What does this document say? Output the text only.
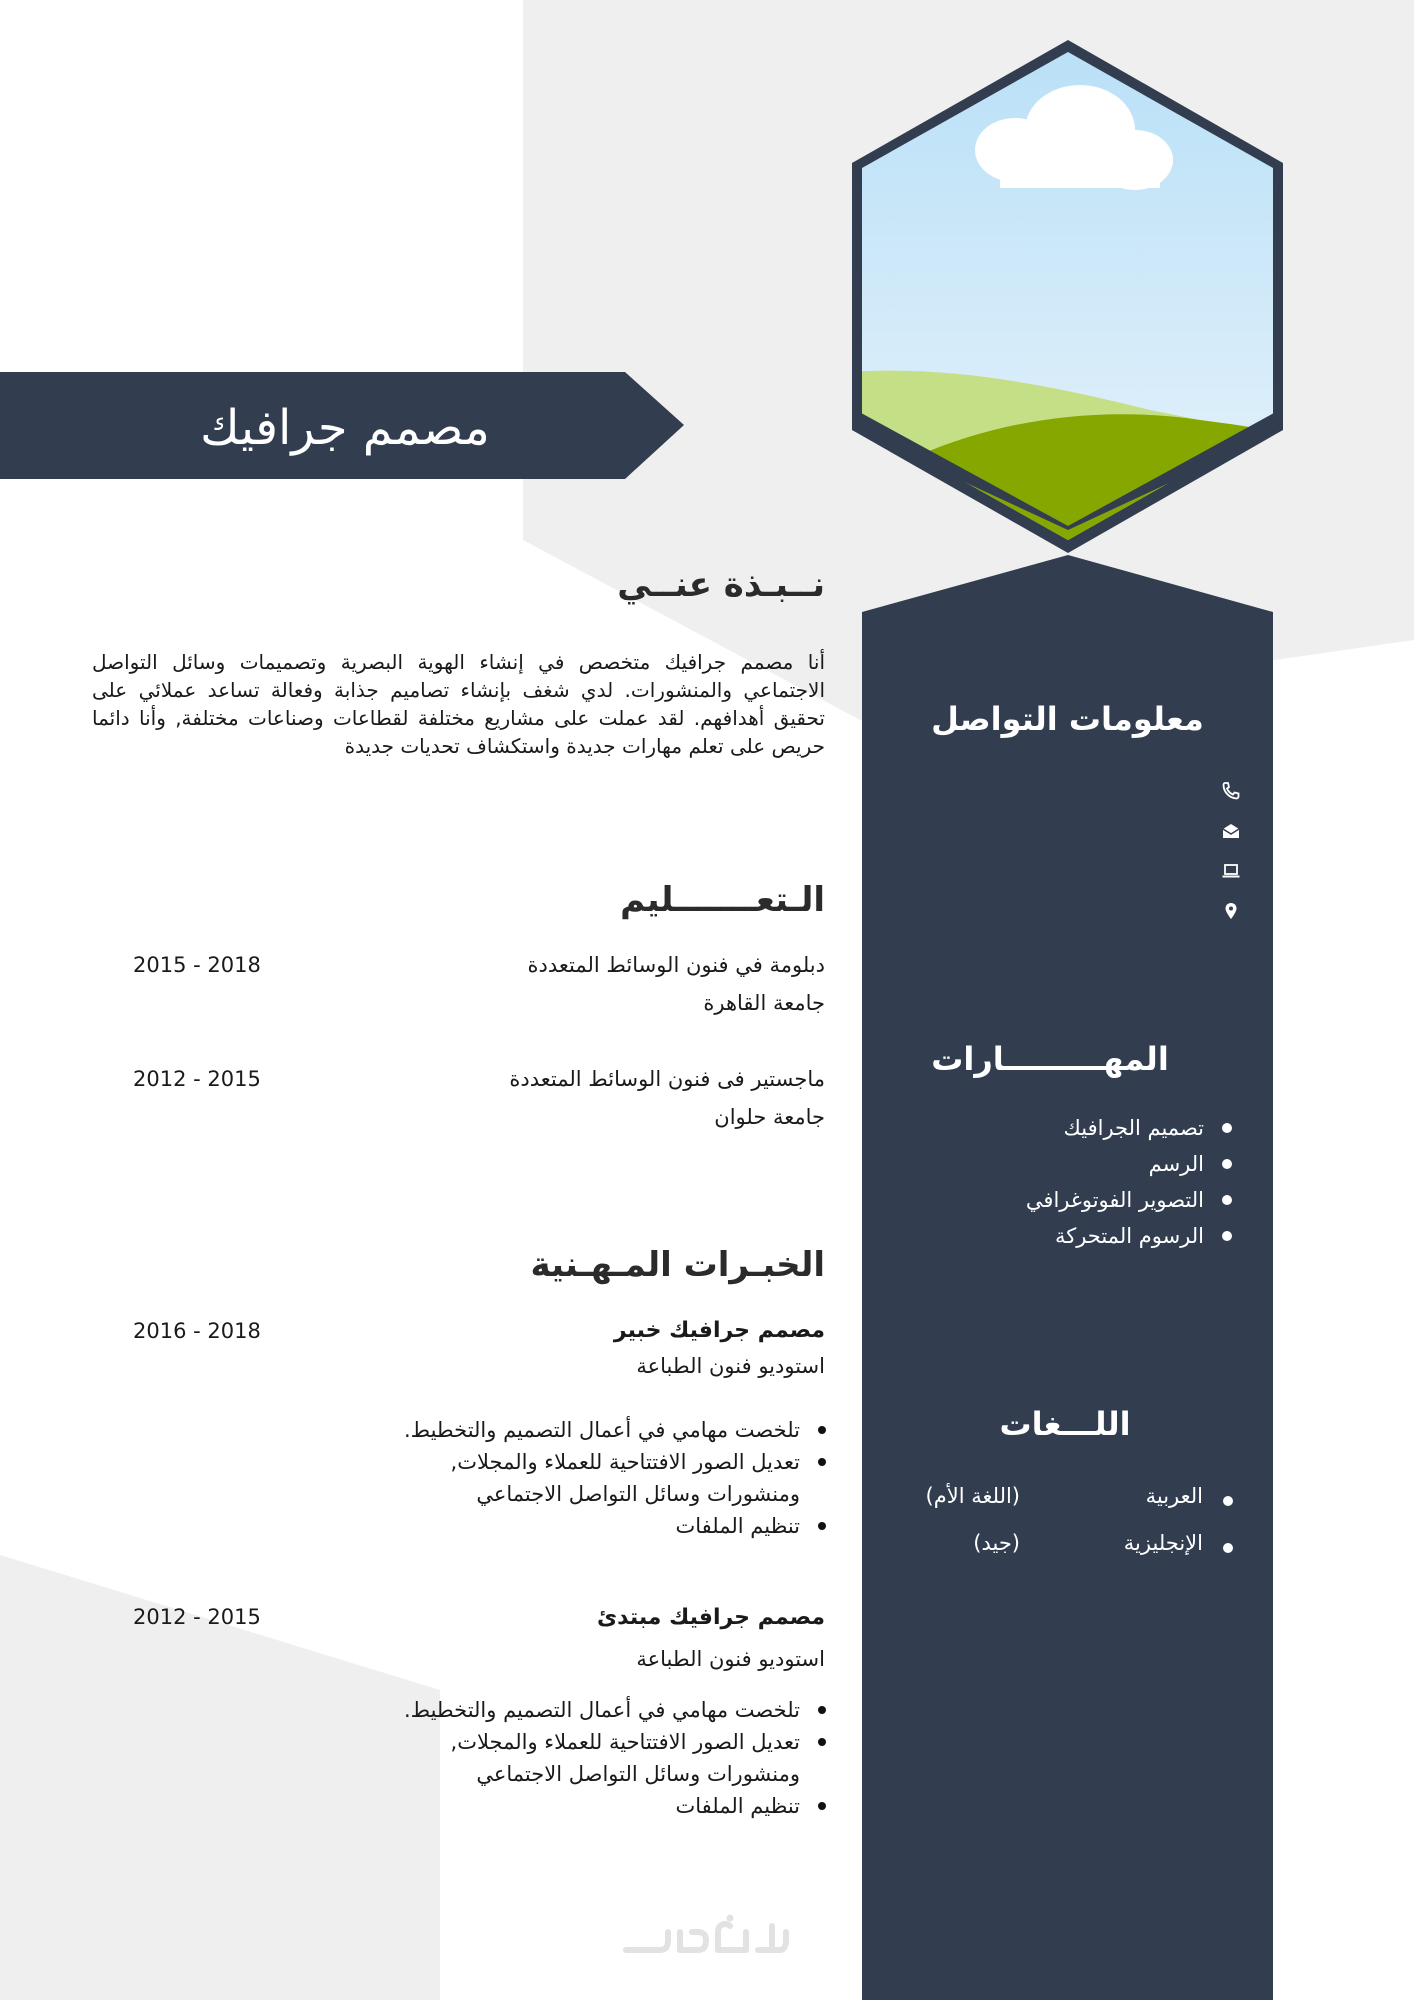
مصمم جرافيك
نــبـذة عنــي
أنا مصمم جرافيك متخصص في إنشاء الهوية البصرية وتصميمات وسائل التواصل الاجتماعي والمنشورات. لدي شغف بإنشاء تصاميم جذابة وفعالة تساعد عملائي على تحقيق أهدافهم. لقد عملت على مشاريع مختلفة لقطاعات وصناعات مختلفة, وأنا دائما حريص على تعلم مهارات جديدة واستكشاف تحديات جديدة
الـتعـــــــليم
دبلومة في فنون الوسائط المتعددة
2015 - 2018
جامعة القاهرة
ماجستير فى فنون الوسائط المتعددة
2012 - 2015
جامعة حلوان
الخبـرات المـهـنية
مصمم جرافيك خبير
2016 - 2018
استوديو فنون الطباعة
تلخصت مهامي في أعمال التصميم والتخطيط.
تعديل الصور الافتتاحية للعملاء والمجلات,
ومنشورات وسائل التواصل الاجتماعي
تنظيم الملفات
مصمم جرافيك مبتدئ
2012 - 2015
استوديو فنون الطباعة
تلخصت مهامي في أعمال التصميم والتخطيط.
تعديل الصور الافتتاحية للعملاء والمجلات,
ومنشورات وسائل التواصل الاجتماعي
تنظيم الملفات
معلومات التواصل
المهـــــــــارات
تصميم الجرافيك
الرسم
التصوير الفوتوغرافي
الرسوم المتحركة
اللـــغات
العربية
(اللغة الأم)
الإنجليزية
(جيد)
